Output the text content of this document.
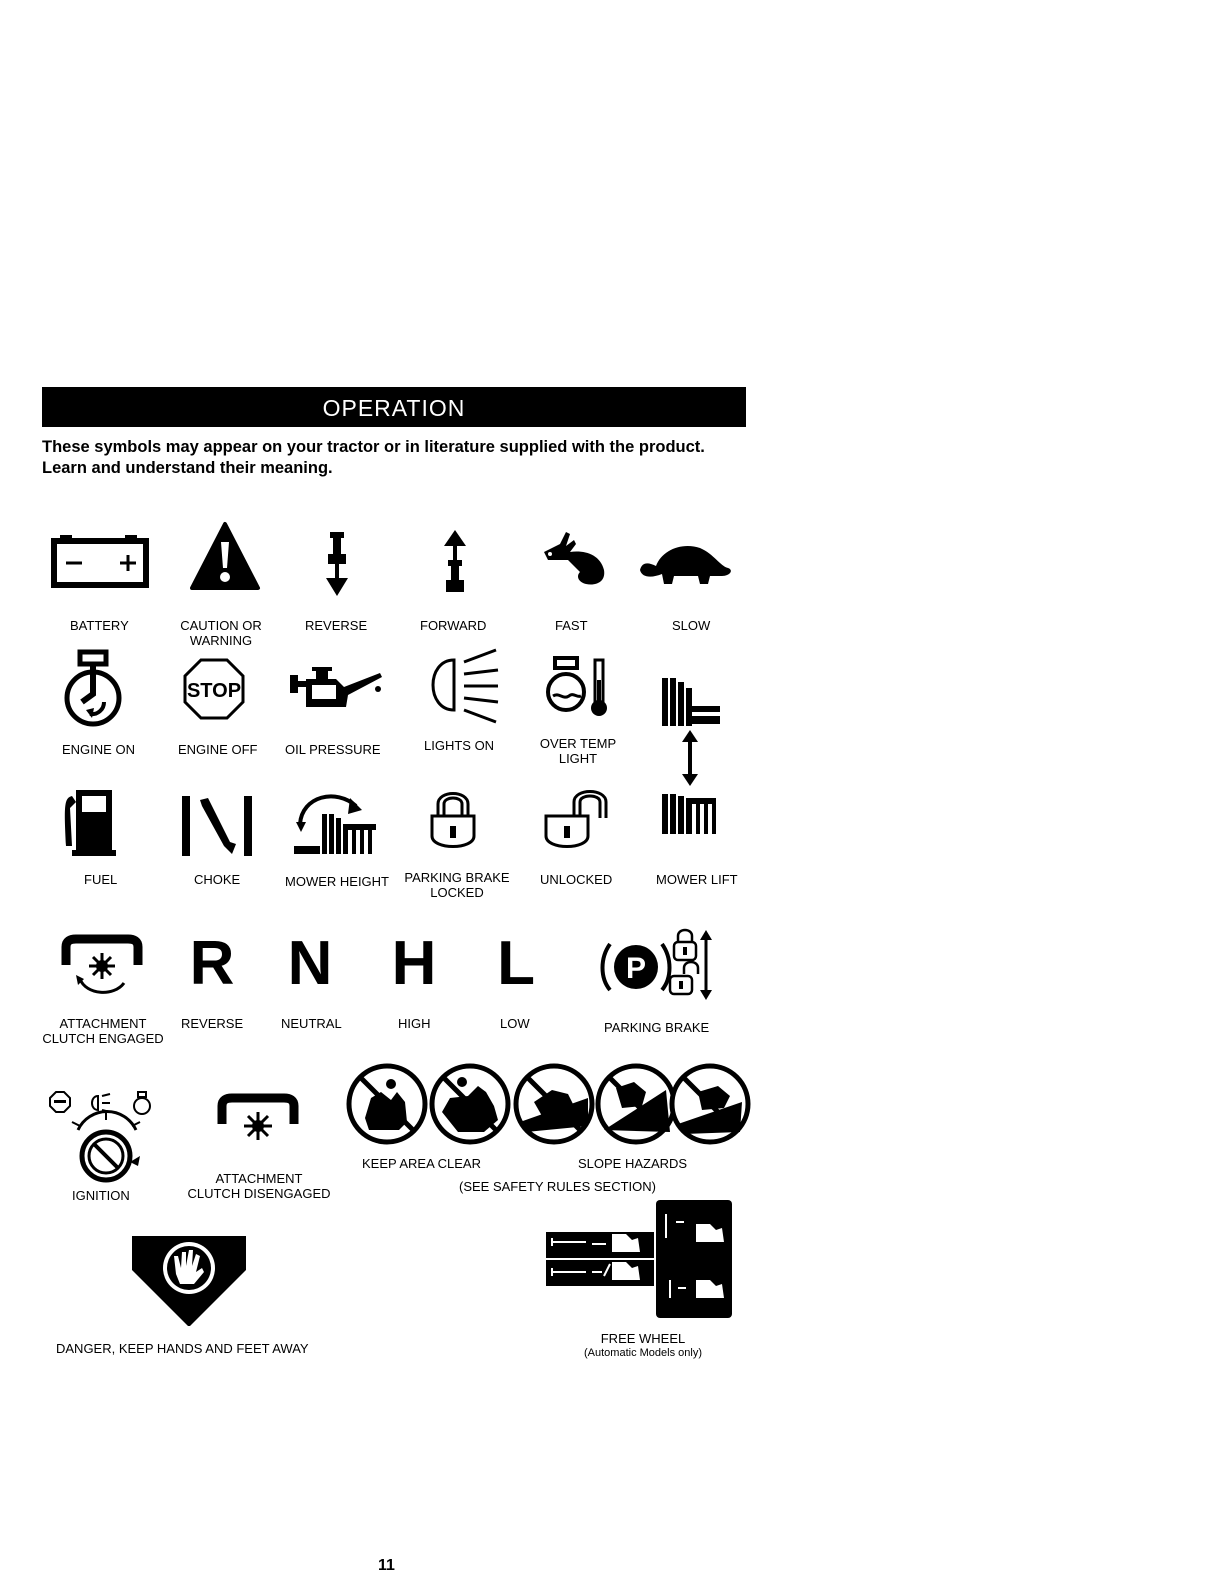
OPERATION
These symbols may appear on your tractor or in literature supplied with the product.
Learn and understand their meaning.
BATTERY	CAUTION OR
WARNING
REVERSE	FORWARD	FAST	SLOW
ENGINE ON
STOP
ENGINE OFF OIL PRESSURE	LIGHTS ON	OVER TEMP
LIGHT
FUEL	CHOKE	MOWER HEIGHT PARKING BRAKE
LOCKED
UNLOCKED	MOWER LIFT
ATTACHMENT
CLUTCH ENGAGED
R
REVERSE
N
NEUTRAL
H
HIGH
L
LOW
P
PARKING BRAKE
IGNITION
ATTACHMENT
CLUTCH DISENGAGED
KEEP AREA CLEAR	SLOPE HAZARDS
(SEE SAFETY RULES SECTION)
DANGER, KEEP HANDS AND FEET AWAY
FREE WHEEL
(Automatic Models only)
11
